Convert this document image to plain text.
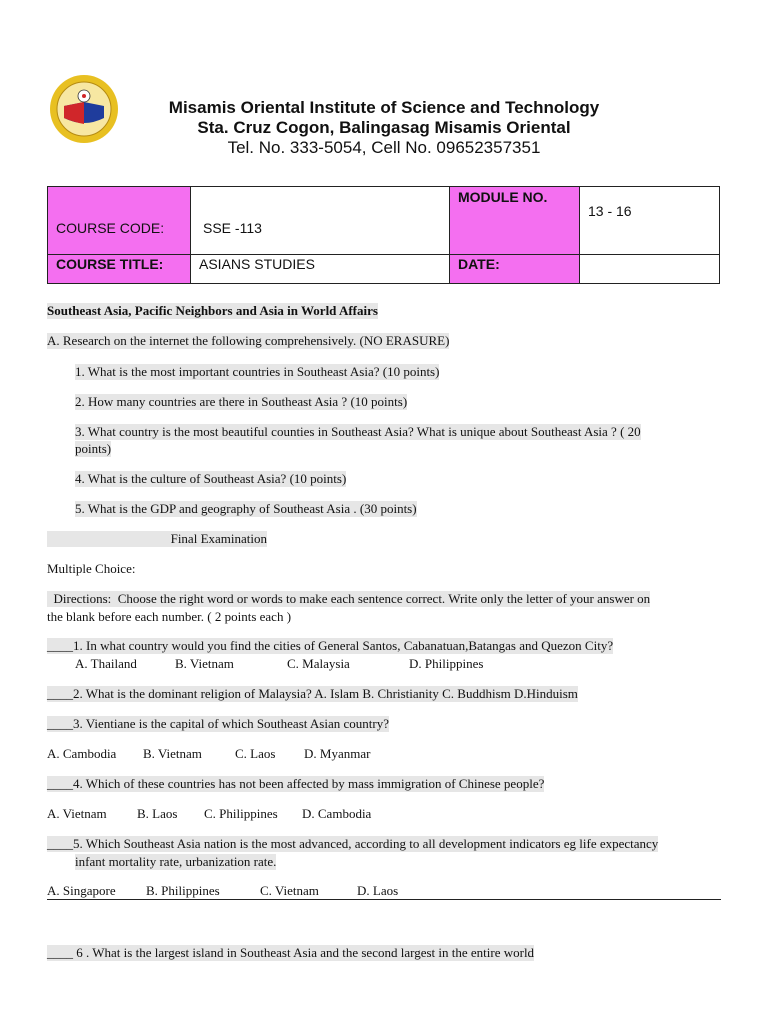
Misamis Oriental Institute of Science and Technology
Sta. Cruz Cogon, Balingasag Misamis Oriental
Tel. No. 333-5054, Cell No. 09652357351
COURSE CODE:	SSE -113	MODULE NO.	13 - 16
COURSE TITLE:	ASIANS STUDIES	DATE:	
Southeast Asia, Pacific Neighbors and Asia in World Affairs
A. Research on the internet the following comprehensively. (NO ERASURE)
1. What is the most important countries in Southeast Asia? (10 points)
2. How many countries are there in Southeast Asia ? (10 points)
3. What country is the most beautiful counties in Southeast Asia? What is unique about Southeast Asia ? ( 20
points)
4. What is the culture of Southeast Asia? (10 points)
5. What is the GDP and geography of Southeast Asia . (30 points)
Final Examination
Multiple Choice:
Directions:  Choose the right word or words to make each sentence correct. Write only the letter of your answer on
the blank before each number. ( 2 points each )
____1. In what country would you find the cities of General Santos, Cabanatuan,Batangas and Quezon City?
A. Thailand	B. Vietnam	C. Malaysia	D. Philippines
____2. What is the dominant religion of Malaysia? A. Islam B. Christianity C. Buddhism D.Hinduism
____3. Vientiane is the capital of which Southeast Asian country?
A. Cambodia B. Vietnam	C. Laos D. Myanmar
____4. Which of these countries has not been affected by mass immigration of Chinese people?
A. Vietnam B. Laos C. Philippines D. Cambodia
____5. Which Southeast Asia nation is the most advanced, according to all development indicators eg life expectancy
infant mortality rate, urbanization rate.
A. Singapore B. Philippines	C. Vietnam	D. Laos
____ 6 . What is the largest island in Southeast Asia and the second largest in the entire world
